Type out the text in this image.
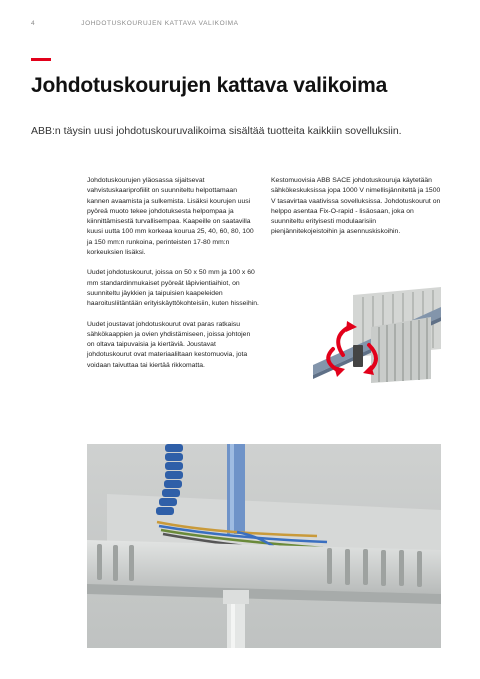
4	JOHDOTUSKOURUJEN KATTAVA VALIKOIMA
Johdotuskourujen kattava valikoima

ABB:n täysin uusi johdotuskouruvalikoima sisältää tuotteita kaikkiin sovelluksiin.

Johdotuskourujen yläosassa sijaitsevat vahvistuskaariprofiilit on suunniteltu helpottamaan kannen avaamista ja sulkemista. Lisäksi kourujen uusi pyöreä muoto tekee johdotuksesta helpompaa ja kiinnittämisestä turvallisempaa. Kaapeille on saatavilla kuusi uutta 100 mm korkeaa kourua 25, 40, 60, 80, 100 ja 150 mm:n runkoina, perinteisten 17-80 mm:n korkeuksien lisäksi.

Uudet johdotuskourut, joissa on 50 x 50 mm ja 100 x 60 mm standardinmukaiset pyöreät läpivientiaihiot, on suunniteltu jäykkien ja taipuisien kaapeleiden haaroitusliitäntään erityiskäyttökohteisiin, kuten hisseihin.

Uudet joustavat johdotuskourut ovat paras ratkaisu sähkökaappien ja ovien yhdistämiseen, joissa johtojen on oltava taipuvaisia ja kiertäviä. Joustavat johdotuskourut ovat materiaaliltaan kestomuovia, jota voidaan taivuttaa tai kiertää rikkomatta.

Kestomuovisia ABB SACE johdotuskouruja käytetään sähkökeskuksissa jopa 1000 V nimellisjännitettä ja 1500 V tasavirtaa vaativissa sovelluksissa. Johdotuskourut on helppo asentaa Fix-O-rapid - lisäosaan, joka on suunniteltu erityisesti modulaarisiin pienjännitekojeistoihin ja asennuskiskoihin.
